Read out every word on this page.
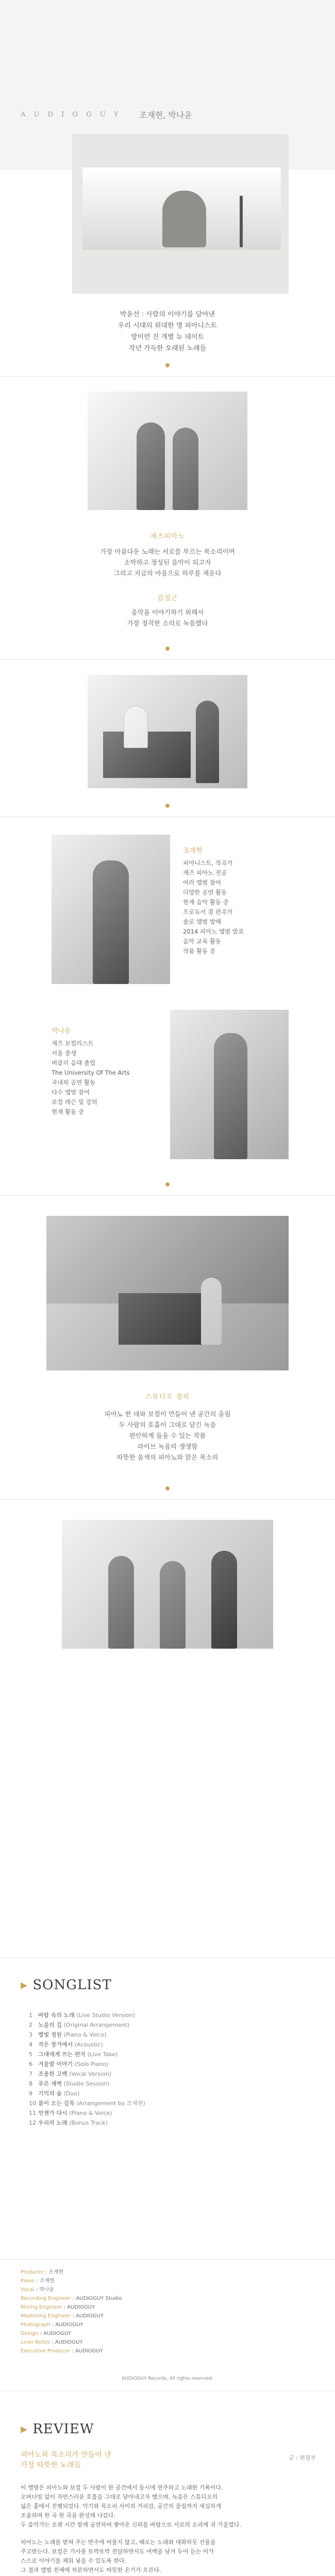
A U D I O G U Y 조재현, 박나윤
박윤선 : 사람의 이야기를 담아낸
우리 시대의 위대한 명 피아니스트
방이런 진 개별 뉴 데이트
작년 가득한 오래된 노래들
재즈피아노
가장 아름다운 노래는 서로를 부르는 목소리이며
소박하고 정성된 음악이 되고자
그리고 지금의 마음으로 하루를 채운다
김정근
음악을 이야기하기 위해서
가장 정직한 소리로 녹음했다
조재현
피아니스트, 작곡가
재즈 피아노 전공
여러 앨범 참여
다양한 공연 활동
현재 음악 활동 중
프로듀서 겸 편곡가
솔로 앨범 발매
2014 피아노 앨범 발표
음악 교육 활동
작품 활동 중
박나윤
재즈 보컬리스트
서울 출생
버클리 음대 졸업
The University Of The Arts
국내외 공연 활동
다수 앨범 참여
보컬 레슨 및 강의
현재 활동 중
스튜디오 정리
피아노 한 대와 보컬이 만들어 낸 공간의 울림
두 사람의 호흡이 그대로 담긴 녹음
편안하게 들을 수 있는 작품
라이브 녹음의 생생함
따뜻한 음색의 피아노와 맑은 목소리
▸ SONGLIST
1 바람 속의 노래 (Live Studio Version)
2 노을의 길 (Original Arrangement)
3 별빛 정원 (Piano & Voice)
4 작은 창가에서 (Acoustic)
5 그대에게 쓰는 편지 (Live Take)
6 겨울밤 이야기 (Solo Piano)
7 조용한 고백 (Vocal Version)
8 푸른 새벽 (Studio Session)
9 기억의 숲 (Duo)
10 봄이 오는 길목 (Arrangement by 조재현)
11 언젠가 다시 (Piano & Voice)
12 우리의 노래 (Bonus Track)
Producer : 조재현
Piano : 조재현
Vocal : 박나윤
Recording Engineer : AUDIOGUY Studio
Mixing Engineer : AUDIOGUY
Mastering Engineer : AUDIOGUY
Photograph : AUDIOGUY
Design : AUDIOGUY
Liner Notes : AUDIOGUY
Executive Producer : AUDIOGUY
AUDIOGUY Records. All rights reserved.
▸ REVIEW
피아노와 목소리가 만들어 낸
가장 따뜻한 노래들
글 : 편집부

이 앨범은 피아노와 보컬 두 사람이 한 공간에서 동시에 연주하고 노래한 기록이다.
오버더빙 없이 자연스러운 호흡을 그대로 담아내고자 했으며, 녹음은 스튜디오의
넓은 홀에서 진행되었다. 악기와 목소리 사이의 거리감, 공간의 울림까지 세심하게
조율하며 한 곡 한 곡을 완성해 나갔다.
두 음악가는 오랜 시간 함께 공연하며 쌓아온 신뢰를 바탕으로 서로의 소리에 귀 기울였다.

피아노는 노래를 받쳐 주는 반주에 머물지 않고, 때로는 노래와 대화하듯 선율을
주고받는다. 보컬은 가사를 또박또박 전달하면서도 여백을 남겨 두어 듣는 이가
스스로 이야기를 채워 넣을 수 있도록 한다.
그 결과 앨범 전체에 차분하면서도 따뜻한 온기가 흐른다.
